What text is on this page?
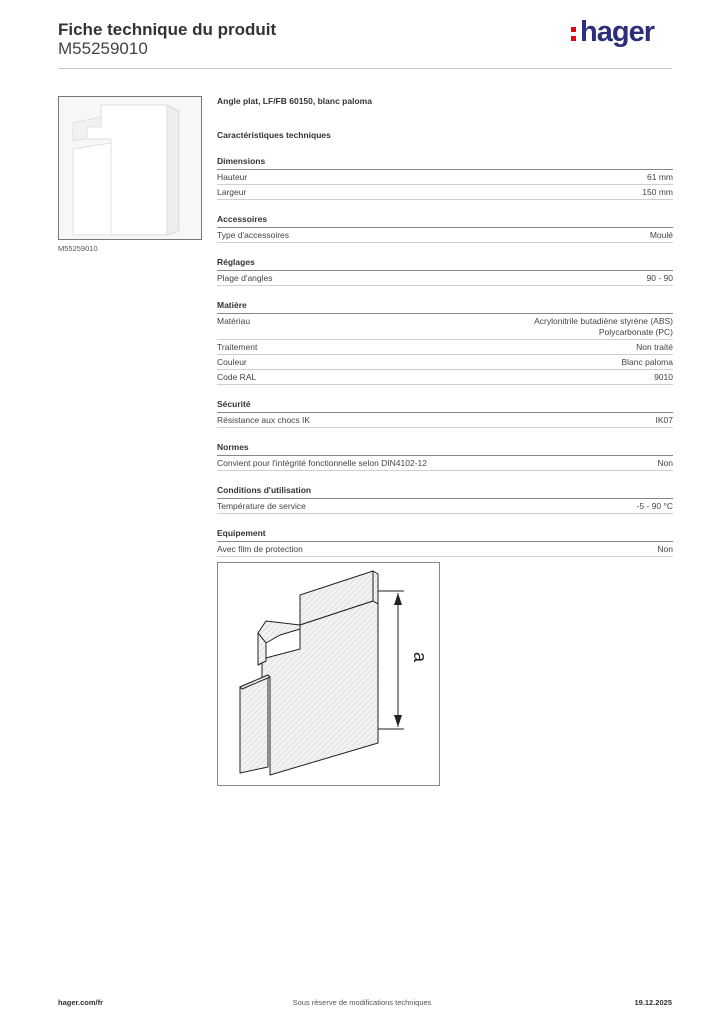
Fiche technique du produit
M55259010
hager
M55259010
Angle plat, LF/FB 60150, blanc paloma
Caractéristiques techniques
Dimensions
Hauteur	61 mm
Largeur	150 mm
Accessoires
Type d'accessoires	Moulé
Réglages
Plage d'angles	90 - 90
Matière
Matériau	Acrylonitrile butadiène styrène (ABS)
Polycarbonate (PC)
Traitement	Non traité
Couleur	Blanc paloma
Code RAL	9010
Sécurité
Résistance aux chocs IK	IK07
Normes
Convient pour l'intégrité fonctionnelle selon DIN4102-12	Non
Conditions d'utilisation
Température de service	-5 - 90 °C
Equipement
Avec film de protection	Non
a
Sous réserve de modifications techniques
hager.com/fr	19.12.2025
